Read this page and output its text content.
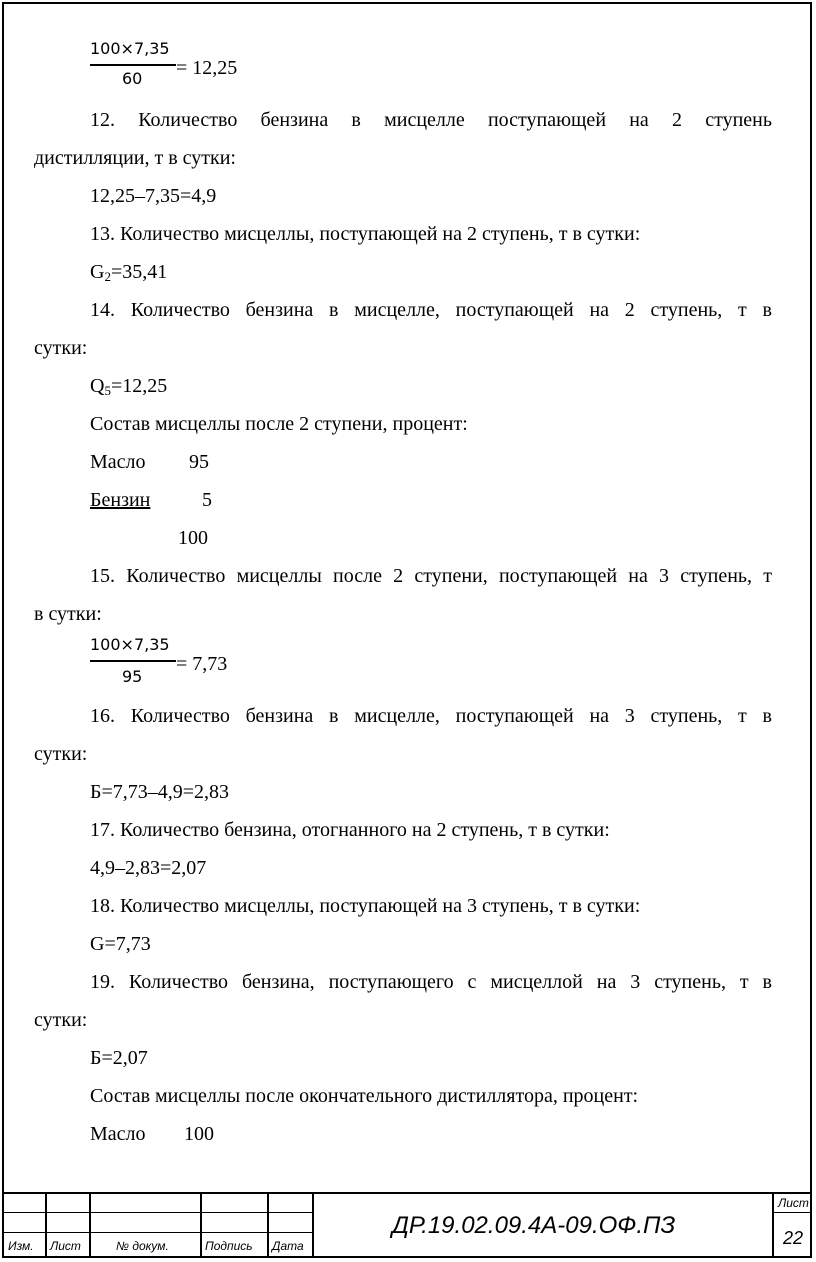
100×7,35
60 = 12,25
12. Количество бензина в мисцелле поступающей на 2 ступень
дистилляции, т в сутки:
12,25–7,35=4,9
13. Количество мисцеллы, поступающей на 2 ступень, т в сутки:
$G_2=35,41$
14. Количество бензина в мисцелле, поступающей на 2 ступень, т в
сутки:
$Q_5=12,25$
Состав мисцеллы после 2 ступени, процент:
Масло 95
Бензин	5
100
15. Количество мисцеллы после 2 ступени, поступающей на 3 ступень, т
в сутки:
100×7,35
95
= 7,73
16. Количество бензина в мисцелле, поступающей на 3 ступень, т в
сутки:
Б=7,73–4,9=2,83
17. Количество бензина, отогнанного на 2 ступень, т в сутки:
4,9–2,83=2,07
18. Количество мисцеллы, поступающей на 3 ступень, т в сутки:
G=7,73
19. Количество бензина, поступающего с мисцеллой на 3 ступень, т в
сутки:
Б=2,07
Состав мисцеллы после окончательного дистиллятора, процент:
Масло 100
Изм. Лист	№ докум.	Подпись Дата
ДР.19.02.09.4А-09.ОФ.ПЗ
Лист
22
